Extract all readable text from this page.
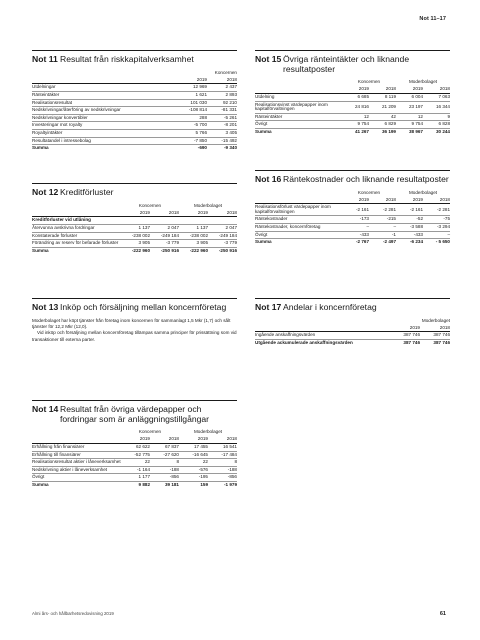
Not 11–17
Not 11 Resultat från riskkapitalverksamhet
	Koncernen	
	2019	2018
Utdelningar	12 969	2 437
Ränteintäkter	1 621	2 893
Realisationsresultat	101 030	92 210
Nedskrivningar/återföring av nedskrivningar	-108 814	-81 331
Nedskrivningar konvertibler	288	-5 261
Investeringar mot royalty	-5 700	-8 201
Royaltyintäkter	5 766	3 405
Resultatandel i intressebolag	-7 850	-15 492
Summa	-690	-9 340
Not 12 Kreditförluster
	Koncernen		Moderbolaget	
	2019	2018	2019	2018
Kreditförluster vid utlåning				
Återvunna avskrivna fordringar	1 137	2 047	1 137	2 047
Konstaterade förluster	-238 002	-249 184	-238 002	-249 184
Förändring av reserv för befarade förluster	3 905	-3 779	3 905	-3 779
Summa	-222 960	-250 916	-222 960	-250 916
Not 13 Inköp och försäljning mellan koncernföretag

Moderbolaget har köpt tjänster från företag inom koncernen för sammanlagt 1,5 Mkr (1,7) och sålt tjänster för 12,2 Mkr (12,0).

Vid inköp och försäljning mellan koncernföretag tillämpas samma principer för prissättning som vid transaktioner till externa parter.

Not 14 Resultat från övriga värdepapper och fordringar som är anläggningstillgångar
	Koncernen		Moderbolaget	
	2019	2018	2019	2018
Erhållning från finansiärer	62 622	67 837	17 455	16 541
Erhållning till finansiärer	-52 775	-27 620	-16 645	-17 484
Realisationsresultat aktier i låneverksamhet	22	8	22	8
Nedskrivning aktier i låneverksamhet	-1 164	-188	-576	-188
Övrigt	1 177	-856	-195	-856
Summa	9 882	39 181	159	-1 979
Not 15 Övriga ränteintäkter och liknande resultatposter
	Koncernen		Moderbolaget	
	2019	2018	2019	2018
Utdelning	6 685	8 119	6 004	7 063
Realisationsvinst värdepapper inom kapitalförvaltningen	24 816	21 209	23 197	16 344
Ränteintäkter	12	42	12	9
Övrigt	9 754	6 829	9 754	6 828
Summa	41 267	36 199	38 967	30 244
Not 16 Räntekostnader och liknande resultatposter
	Koncernen		Moderbolaget	
	2019	2018	2019	2018
Realisationsförlust värdepapper inom kapitalförvaltningen	-2 161	-2 281	-2 161	-2 281
Räntekostnader	-173	-215	-52	-75
Räntekostnader, koncernföretag	–	–	-3 588	-3 294
Övrigt	-433	-1	-433	–
Summa	-2 767	-2 497	-6 234	- 5 650
Not 17 Andelar i koncernföretag
	Moderbolaget	
	2019	2018
Ingående anskaffningsvärden	387 746	387 746
Utgående ackumulerade anskaffningsvärden	387 746	387 746
Almi års- och hållbarhetsredovisning 2019	61
